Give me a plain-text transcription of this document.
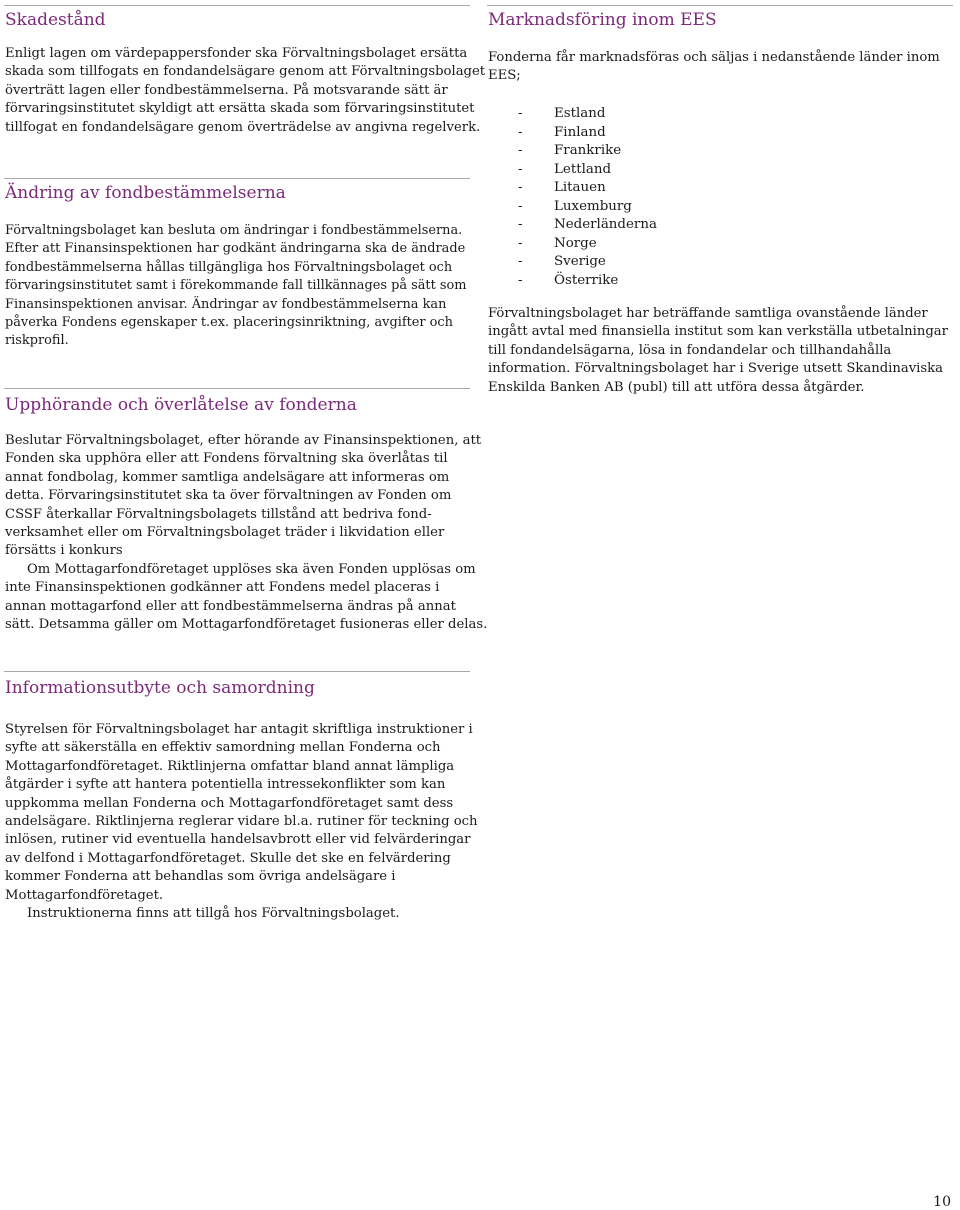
Skadestånd

Enligt lagen om värdepappersfonder ska Förvaltningsbolaget ersätta
skada som tillfogats en fondandelsägare genom att Förvaltningsbolaget
överträtt lagen eller fondbestämmelserna. På motsvarande sätt är
förvaringsinstitutet skyldigt att ersätta skada som förvaringsinstitutet
tillfogat en fondandelsägare genom överträdelse av angivna regelverk.

Ändring av fondbestämmelserna

Förvaltningsbolaget kan besluta om ändringar i fondbestämmelserna.
Efter att Finansinspektionen har godkänt ändringarna ska de ändrade
fondbestämmelserna hållas tillgängliga hos Förvaltningsbolaget och
förvaringsinstitutet samt i förekommande fall tillkännages på sätt som
Finansinspektionen anvisar. Ändringar av fondbestämmelserna kan
påverka Fondens egenskaper t.ex. placeringsinriktning, avgifter och
riskprofil.

Upphörande och överlåtelse av fonderna

Beslutar Förvaltningsbolaget, efter hörande av Finansinspektionen, att
Fonden ska upphöra eller att Fondens förvaltning ska överlåtas til
annat fondbolag, kommer samtliga andelsägare att informeras om
detta. Förvaringsinstitutet ska ta över förvaltningen av Fonden om
CSSF återkallar Förvaltningsbolagets tillstånd att bedriva fond-
verksamhet eller om Förvaltningsbolaget träder i likvidation eller
försätts i konkurs
Om Mottagarfondföretaget upplöses ska även Fonden upplösas om
inte Finansinspektionen godkänner att Fondens medel placeras i
annan mottagarfond eller att fondbestämmelserna ändras på annat
sätt. Detsamma gäller om Mottagarfondföretaget fusioneras eller delas.

Informationsutbyte och samordning

Styrelsen för Förvaltningsbolaget har antagit skriftliga instruktioner i
syfte att säkerställa en effektiv samordning mellan Fonderna och
Mottagarfondföretaget. Riktlinjerna omfattar bland annat lämpliga
åtgärder i syfte att hantera potentiella intressekonflikter som kan
uppkomma mellan Fonderna och Mottagarfondföretaget samt dess
andelsägare. Riktlinjerna reglerar vidare bl.a. rutiner för teckning och
inlösen, rutiner vid eventuella handelsavbrott eller vid felvärderingar
av delfond i Mottagarfondföretaget. Skulle det ske en felvärdering
kommer Fonderna att behandlas som övriga andelsägare i
Mottagarfondföretaget.
Instruktionerna finns att tillgå hos Förvaltningsbolaget.

Marknadsföring inom EES

Fonderna får marknadsföras och säljas i nedanstående länder inom
EES;

-	Estland
-	Finland
-	Frankrike
-	Lettland
-	Litauen
-	Luxemburg
-	Nederländerna
-	Norge
-	Sverige
-	Österrike

Förvaltningsbolaget har beträffande samtliga ovanstående länder
ingått avtal med finansiella institut som kan verkställa utbetalningar
till fondandelsägarna, lösa in fondandelar och tillhandahålla
information. Förvaltningsbolaget har i Sverige utsett Skandinaviska
Enskilda Banken AB (publ) till att utföra dessa åtgärder.

10
